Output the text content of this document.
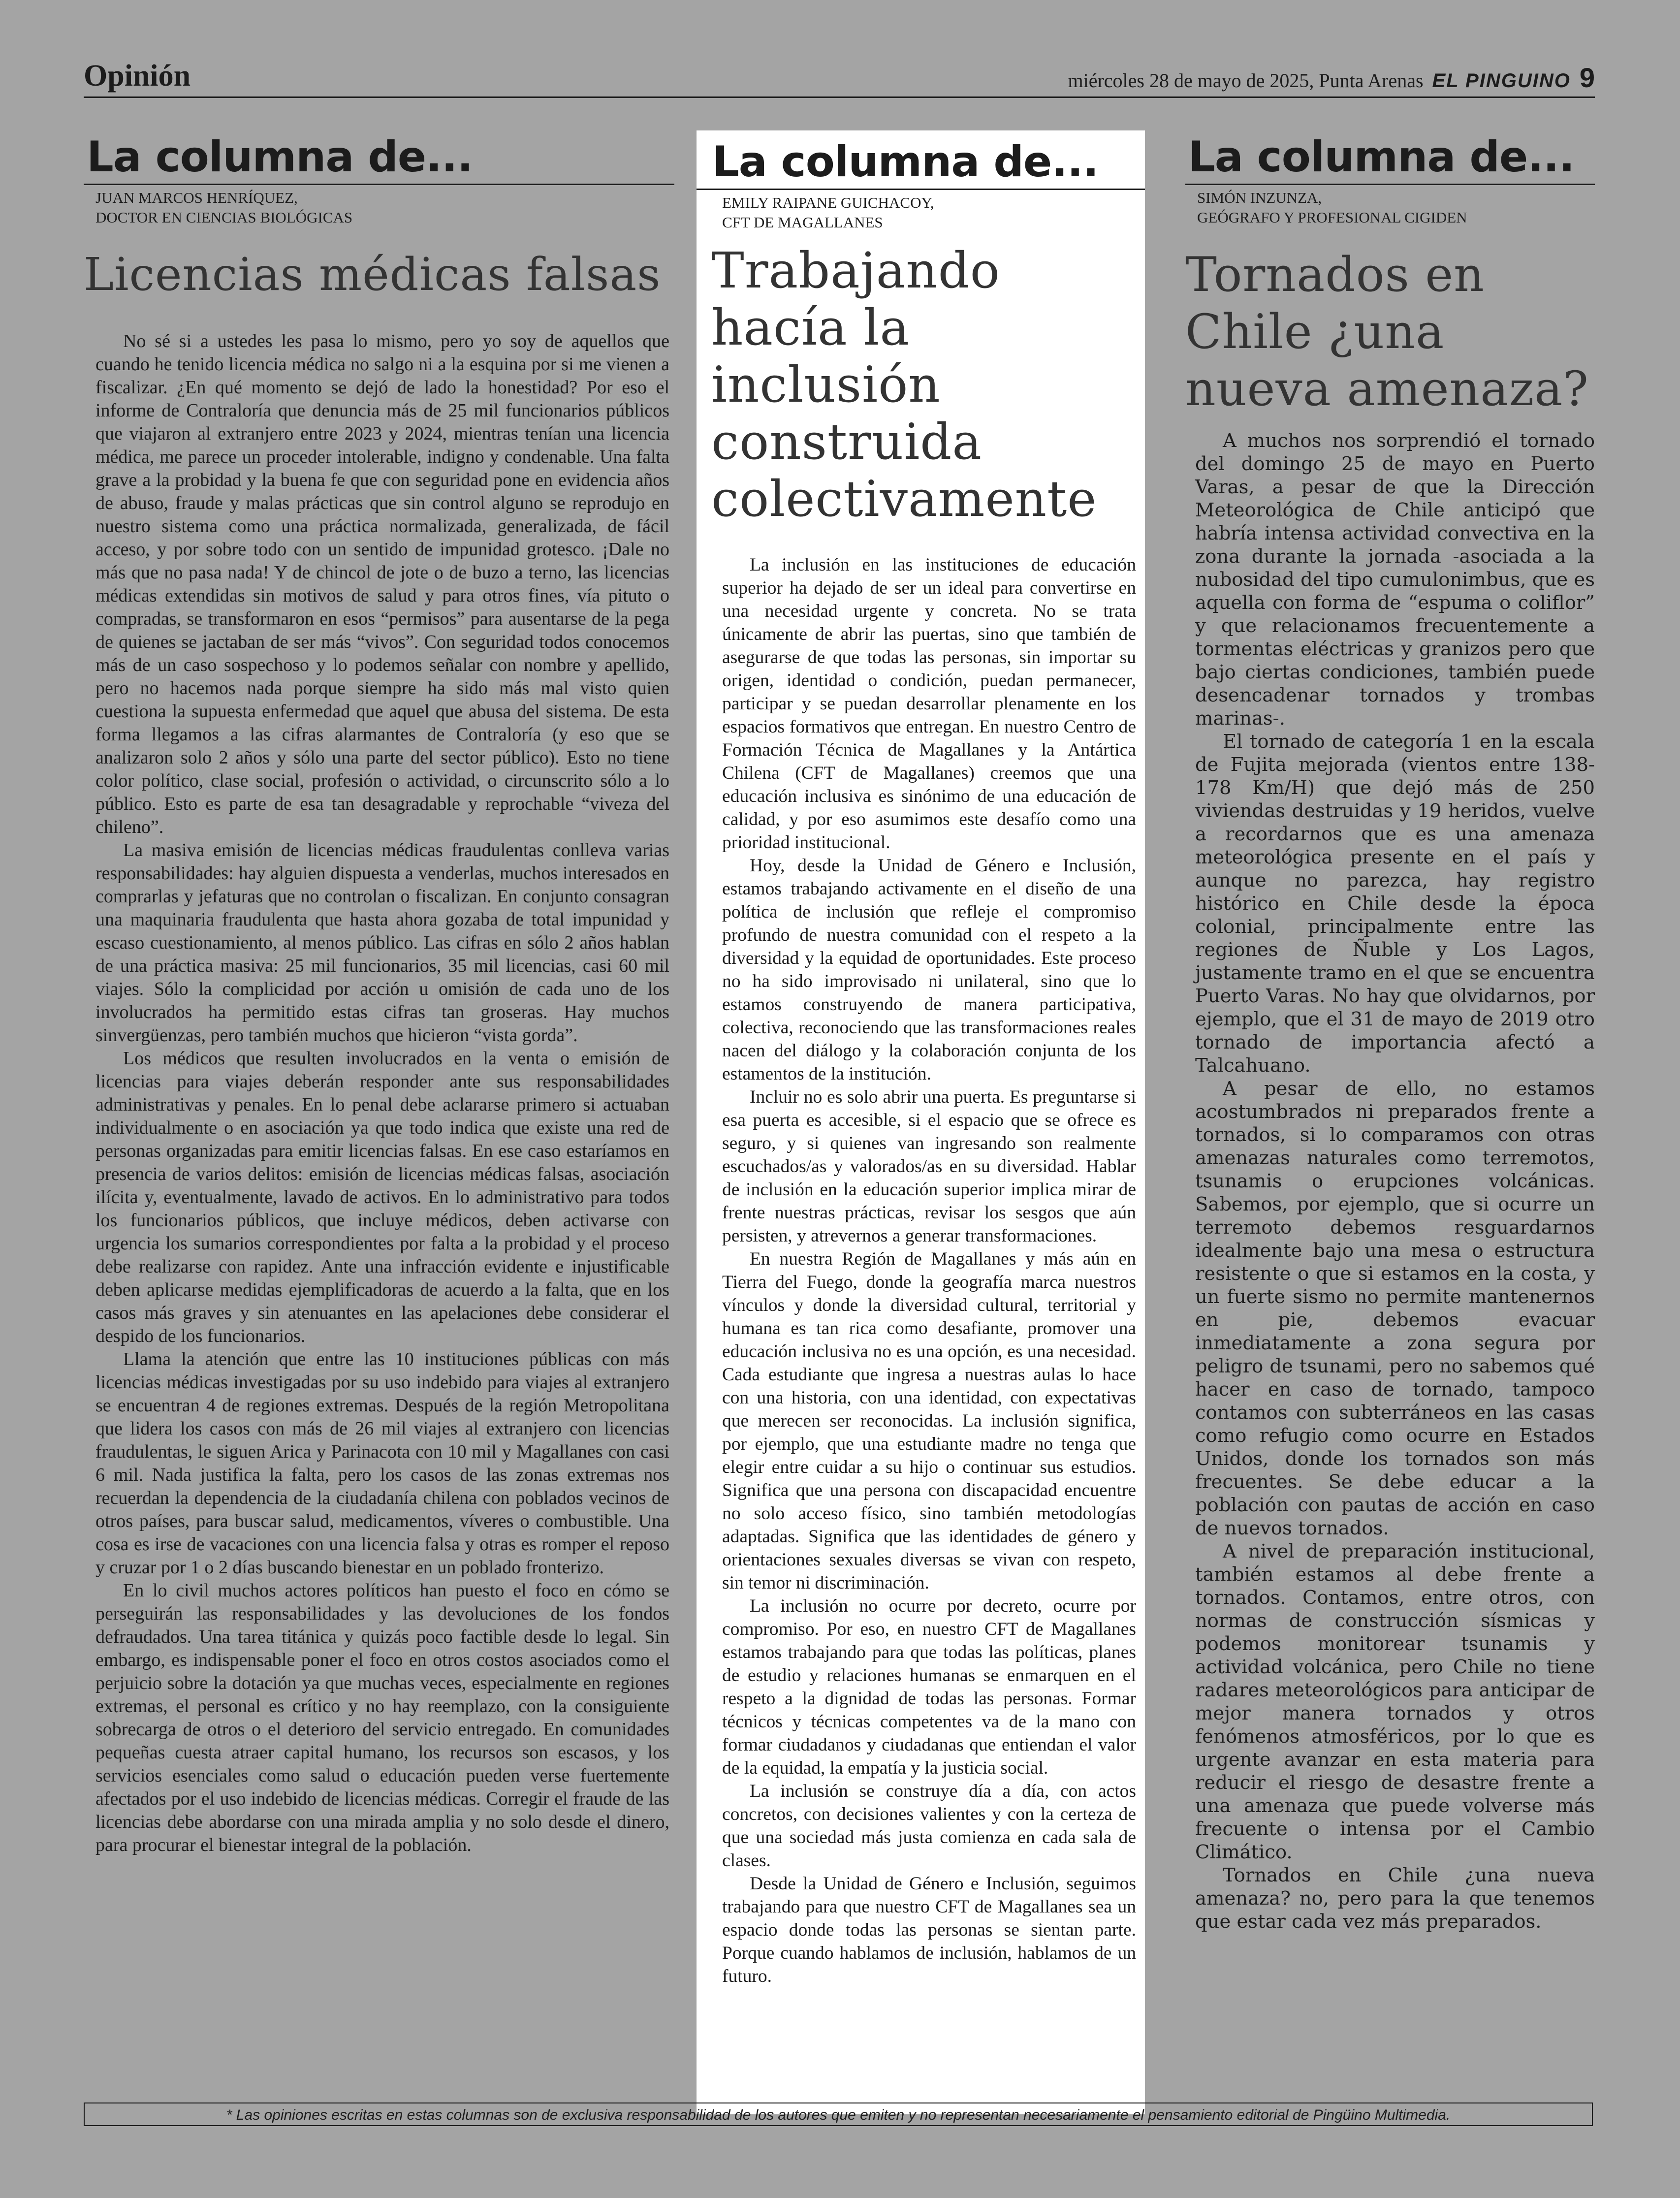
Opinión	miércoles 28 de mayo de 2025, Punta Arenas EL PINGUINO 9
La columna de...
JUAN MARCOS HENRÍQUEZ,
DOCTOR EN CIENCIAS BIOLÓGICAS
Licencias médicas falsas

No sé si a ustedes les pasa lo mismo, pero yo soy de aquellos que cuando he tenido licencia médica no salgo ni a la esquina por si me vienen a fiscalizar. ¿En qué momento se dejó de lado la honestidad? Por eso el informe de Contraloría que denuncia más de 25 mil funcionarios públicos que viajaron al extranjero entre 2023 y 2024, mientras tenían una licencia médica, me parece un proceder intolerable, indigno y condenable. Una falta grave a la probidad y la buena fe que con seguridad pone en evidencia años de abuso, fraude y malas prácticas que sin control alguno se reprodujo en nuestro sistema como una práctica normalizada, generalizada, de fácil acceso, y por sobre todo con un sentido de impunidad grotesco. ¡Dale no más que no pasa nada! Y de chincol de jote o de buzo a terno, las licencias médicas extendidas sin motivos de salud y para otros fines, vía pituto o compradas, se transformaron en esos “permisos” para ausentarse de la pega de quienes se jactaban de ser más “vivos”. Con seguridad todos conocemos más de un caso sospechoso y lo podemos señalar con nombre y apellido, pero no hacemos nada porque siempre ha sido más mal visto quien cuestiona la supuesta enfermedad que aquel que abusa del sistema. De esta forma llegamos a las cifras alarmantes de Contraloría (y eso que se analizaron solo 2 años y sólo una parte del sector público). Esto no tiene color político, clase social, profesión o actividad, o circunscrito sólo a lo público. Esto es parte de esa tan desagradable y reprochable “viveza del chileno”.

La masiva emisión de licencias médicas fraudulentas conlleva varias responsabilidades: hay alguien dispuesta a venderlas, muchos interesados en comprarlas y jefaturas que no controlan o fiscalizan. En conjunto consagran una maquinaria fraudulenta que hasta ahora gozaba de total impunidad y escaso cuestionamiento, al menos público. Las cifras en sólo 2 años hablan de una práctica masiva: 25 mil funcionarios, 35 mil licencias, casi 60 mil viajes. Sólo la complicidad por acción u omisión de cada uno de los involucrados ha permitido estas cifras tan groseras. Hay muchos sinvergüenzas, pero también muchos que hicieron “vista gorda”.

Los médicos que resulten involucrados en la venta o emisión de licencias para viajes deberán responder ante sus responsabilidades administrativas y penales. En lo penal debe aclararse primero si actuaban individualmente o en asociación ya que todo indica que existe una red de personas organizadas para emitir licencias falsas. En ese caso estaríamos en presencia de varios delitos: emisión de licencias médicas falsas, asociación ilícita y, eventualmente, lavado de activos. En lo administrativo para todos los funcionarios públicos, que incluye médicos, deben activarse con urgencia los sumarios correspondientes por falta a la probidad y el proceso debe realizarse con rapidez. Ante una infracción evidente e injustificable deben aplicarse medidas ejemplificadoras de acuerdo a la falta, que en los casos más graves y sin atenuantes en las apelaciones debe considerar el despido de los funcionarios.

Llama la atención que entre las 10 instituciones públicas con más licencias médicas investigadas por su uso indebido para viajes al extranjero se encuentran 4 de regiones extremas. Después de la región Metropolitana que lidera los casos con más de 26 mil viajes al extranjero con licencias fraudulentas, le siguen Arica y Parinacota con 10 mil y Magallanes con casi 6 mil. Nada justifica la falta, pero los casos de las zonas extremas nos recuerdan la dependencia de la ciudadanía chilena con poblados vecinos de otros países, para buscar salud, medicamentos, víveres o combustible. Una cosa es irse de vacaciones con una licencia falsa y otras es romper el reposo y cruzar por 1 o 2 días buscando bienestar en un poblado fronterizo.

En lo civil muchos actores políticos han puesto el foco en cómo se perseguirán las responsabilidades y las devoluciones de los fondos defraudados. Una tarea titánica y quizás poco factible desde lo legal. Sin embargo, es indispensable poner el foco en otros costos asociados como el perjuicio sobre la dotación ya que muchas veces, especialmente en regiones extremas, el personal es crítico y no hay reemplazo, con la consiguiente sobrecarga de otros o el deterioro del servicio entregado. En comunidades pequeñas cuesta atraer capital humano, los recursos son escasos, y los servicios esenciales como salud o educación pueden verse fuertemente afectados por el uso indebido de licencias médicas. Corregir el fraude de las licencias debe abordarse con una mirada amplia y no solo desde el dinero, para procurar el bienestar integral de la población.

La columna de...
EMILY RAIPANE GUICHACOY,
CFT DE MAGALLANES
Trabajando hacía la inclusión construida colectivamente

La inclusión en las instituciones de educación superior ha dejado de ser un ideal para convertirse en una necesidad urgente y concreta. No se trata únicamente de abrir las puertas, sino que también de asegurarse de que todas las personas, sin importar su origen, identidad o condición, puedan permanecer, participar y se puedan desarrollar plenamente en los espacios formativos que entregan. En nuestro Centro de Formación Técnica de Magallanes y la Antártica Chilena (CFT de Magallanes) creemos que una educación inclusiva es sinónimo de una educación de calidad, y por eso asumimos este desafío como una prioridad institucional.

Hoy, desde la Unidad de Género e Inclusión, estamos trabajando activamente en el diseño de una política de inclusión que refleje el compromiso profundo de nuestra comunidad con el respeto a la diversidad y la equidad de oportunidades. Este proceso no ha sido improvisado ni unilateral, sino que lo estamos construyendo de manera participativa, colectiva, reconociendo que las transformaciones reales nacen del diálogo y la colaboración conjunta de los estamentos de la institución.

Incluir no es solo abrir una puerta. Es preguntarse si esa puerta es accesible, si el espacio que se ofrece es seguro, y si quienes van ingresando son realmente escuchados/as y valorados/as en su diversidad. Hablar de inclusión en la educación superior implica mirar de frente nuestras prácticas, revisar los sesgos que aún persisten, y atrevernos a generar transformaciones.

En nuestra Región de Magallanes y más aún en Tierra del Fuego, donde la geografía marca nuestros vínculos y donde la diversidad cultural, territorial y humana es tan rica como desafiante, promover una educación inclusiva no es una opción, es una necesidad. Cada estudiante que ingresa a nuestras aulas lo hace con una historia, con una identidad, con expectativas que merecen ser reconocidas. La inclusión significa, por ejemplo, que una estudiante madre no tenga que elegir entre cuidar a su hijo o continuar sus estudios. Significa que una persona con discapacidad encuentre no solo acceso físico, sino también metodologías adaptadas. Significa que las identidades de género y orientaciones sexuales diversas se vivan con respeto, sin temor ni discriminación.

La inclusión no ocurre por decreto, ocurre por compromiso. Por eso, en nuestro CFT de Magallanes estamos trabajando para que todas las políticas, planes de estudio y relaciones humanas se enmarquen en el respeto a la dignidad de todas las personas. Formar técnicos y técnicas competentes va de la mano con formar ciudadanos y ciudadanas que entiendan el valor de la equidad, la empatía y la justicia social.

La inclusión se construye día a día, con actos concretos, con decisiones valientes y con la certeza de que una sociedad más justa comienza en cada sala de clases.

Desde la Unidad de Género e Inclusión, seguimos trabajando para que nuestro CFT de Magallanes sea un espacio donde todas las personas se sientan parte. Porque cuando hablamos de inclusión, hablamos de un futuro.

La columna de...
SIMÓN INZUNZA,
GEÓGRAFO Y PROFESIONAL CIGIDEN
Tornados en Chile ¿una nueva amenaza?

A muchos nos sorprendió el tornado del domingo 25 de mayo en Puerto Varas, a pesar de que la Dirección Meteorológica de Chile anticipó que habría intensa actividad convectiva en la zona durante la jornada -asociada a la nubosidad del tipo cumulonimbus, que es aquella con forma de “espuma o coliflor” y que relacionamos frecuentemente a tormentas eléctricas y granizos pero que bajo ciertas condiciones, también puede desencadenar tornados y trombas marinas-.

El tornado de categoría 1 en la escala de Fujita mejorada (vientos entre 138-178 Km/H) que dejó más de 250 viviendas destruidas y 19 heridos, vuelve a recordarnos que es una amenaza meteorológica presente en el país y aunque no parezca, hay registro histórico en Chile desde la época colonial, principalmente entre las regiones de Ñuble y Los Lagos, justamente tramo en el que se encuentra Puerto Varas. No hay que olvidarnos, por ejemplo, que el 31 de mayo de 2019 otro tornado de importancia afectó a Talcahuano.

A pesar de ello, no estamos acostumbrados ni preparados frente a tornados, si lo comparamos con otras amenazas naturales como terremotos, tsunamis o erupciones volcánicas. Sabemos, por ejemplo, que si ocurre un terremoto debemos resguardarnos idealmente bajo una mesa o estructura resistente o que si estamos en la costa, y un fuerte sismo no permite mantenernos en pie, debemos evacuar inmediatamente a zona segura por peligro de tsunami, pero no sabemos qué hacer en caso de tornado, tampoco contamos con subterráneos en las casas como refugio como ocurre en Estados Unidos, donde los tornados son más frecuentes. Se debe educar a la población con pautas de acción en caso de nuevos tornados.

A nivel de preparación institucional, también estamos al debe frente a tornados. Contamos, entre otros, con normas de construcción sísmicas y podemos monitorear tsunamis y actividad volcánica, pero Chile no tiene radares meteorológicos para anticipar de mejor manera tornados y otros fenómenos atmosféricos, por lo que es urgente avanzar en esta materia para reducir el riesgo de desastre frente a una amenaza que puede volverse más frecuente o intensa por el Cambio Climático.

Tornados en Chile ¿una nueva amenaza? no, pero para la que tenemos que estar cada vez más preparados.

* Las opiniones escritas en estas columnas son de exclusiva responsabilidad de los autores que emiten y no representan necesariamente el pensamiento editorial de Pingüino Multimedia.
